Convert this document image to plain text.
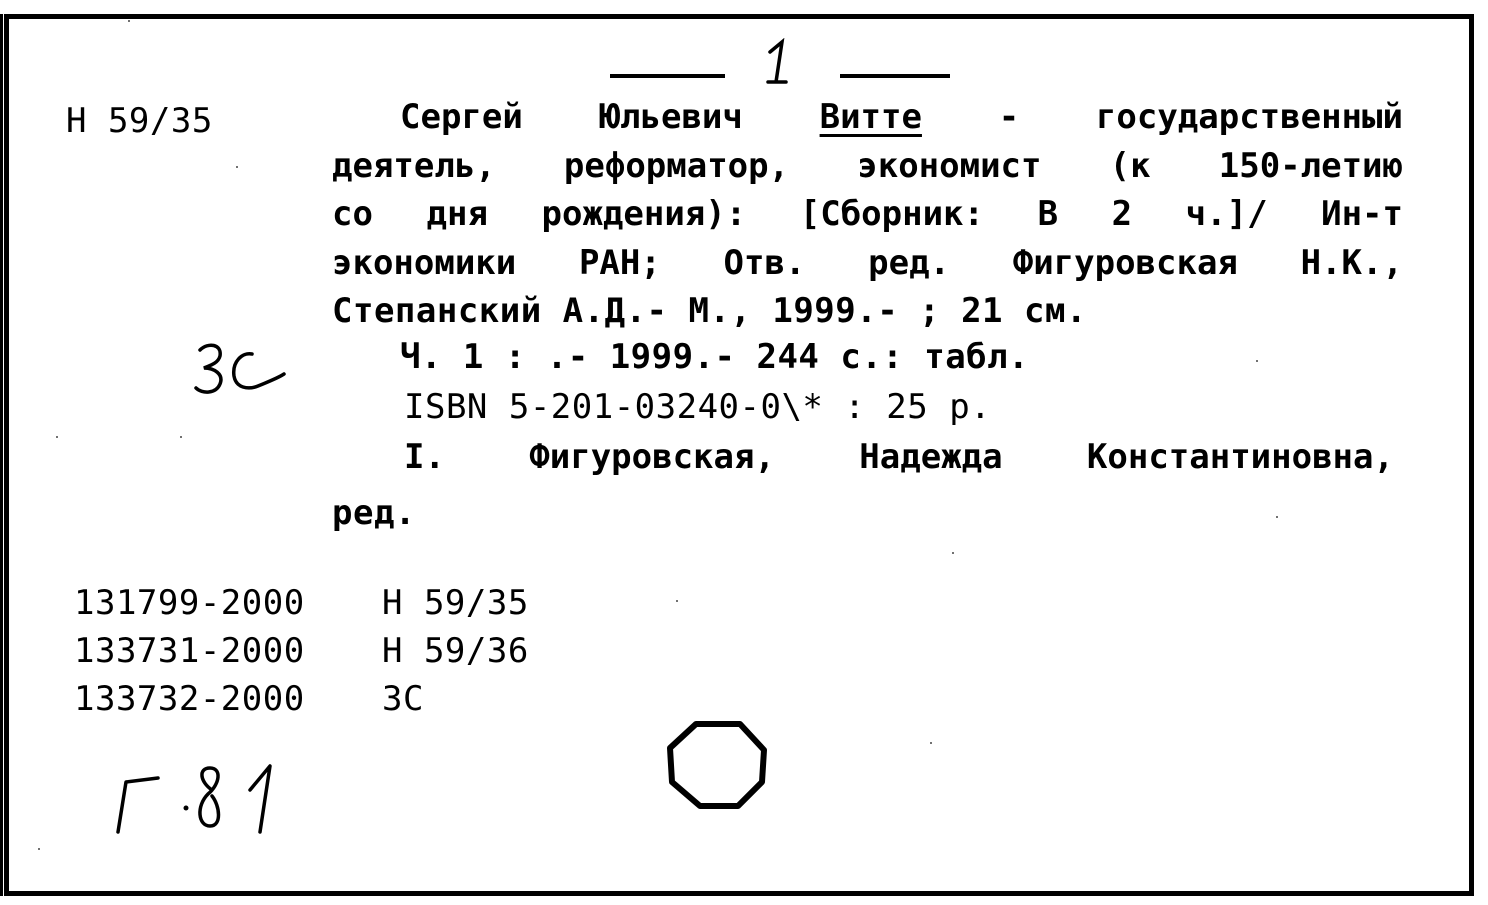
Н 59/35	Сергей Юльевич Витте - государственный
деятель, реформатор, экономист (к 150-летию
со дня рождения): [Сборник: В 2 ч.]/ Ин-т
экономики РАН; Отв. ред. Фигуровская Н.К.,
Степанский А.Д.- М., 1999.- ; 21 см.
Ч. 1 : .- 1999.- 244 с.: табл.
ISBN 5-201-03240-0\* : 25 р.
I. Фигуровская, Надежда Константиновна,
ред.
131799-2000 Н 59/35
133731-2000 Н 59/36
133732-2000 3С
